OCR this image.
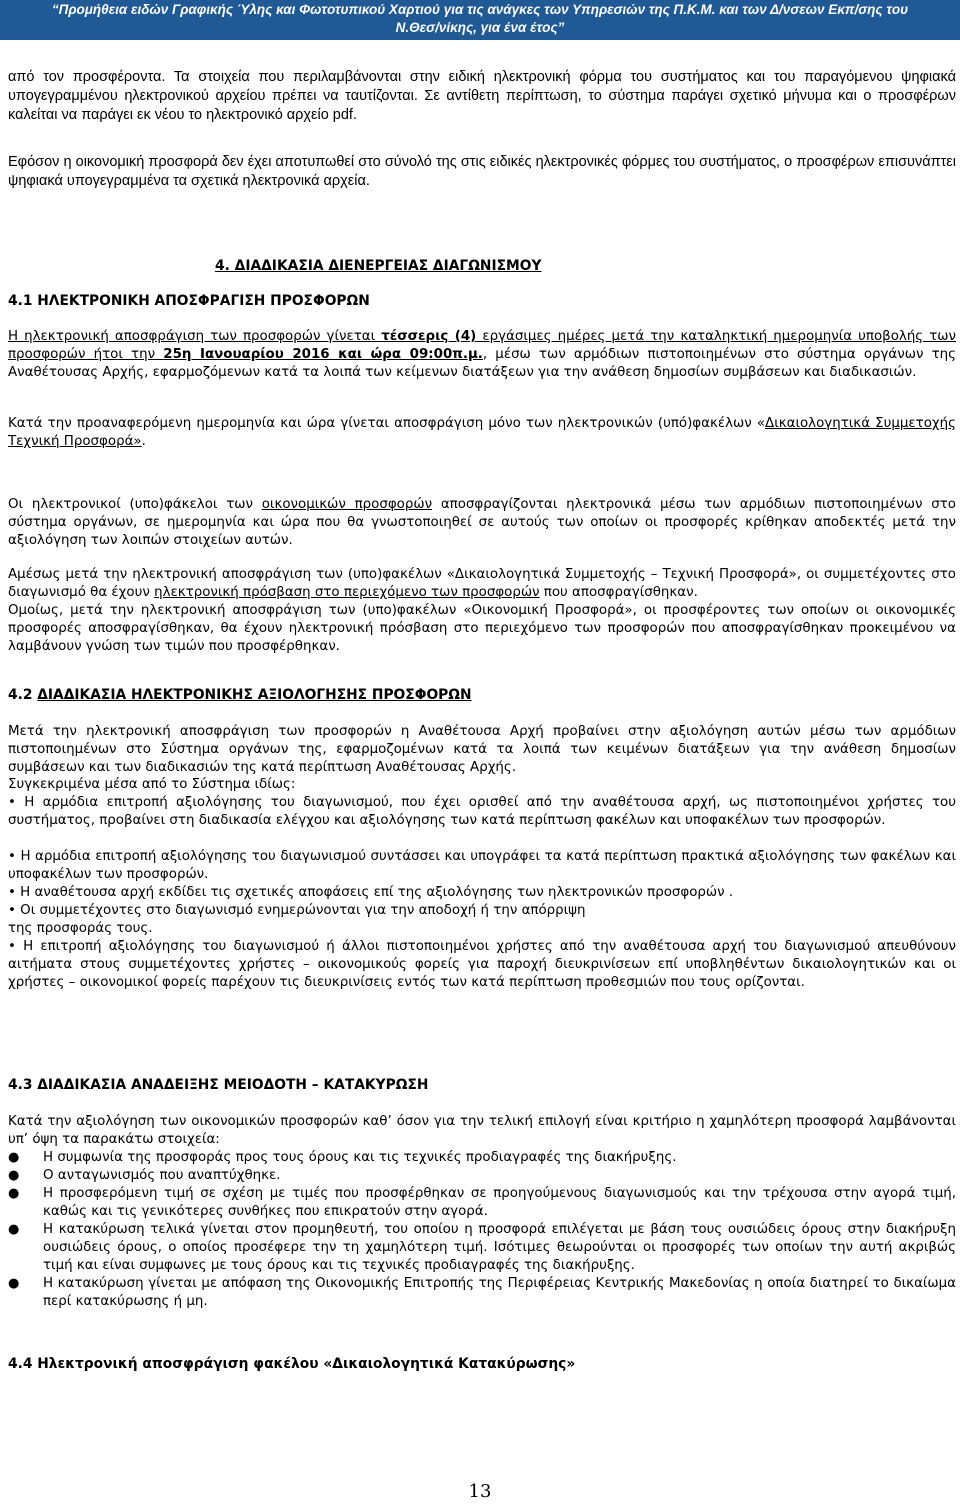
“Προμήθεια ειδών Γραφικής Ύλης και Φωτοτυπικού Χαρτιού για τις ανάγκες των Υπηρεσιών της Π.Κ.Μ. και των Δ/νσεων Εκπ/σης του
Ν.Θεσ/νίκης, για ένα έτος”

από τον προσφέροντα. Τα στοιχεία που περιλαμβάνονται στην ειδική ηλεκτρονική φόρμα του συστήματος και του παραγόμενου ψηφιακά υπογεγραμμένου ηλεκτρονικού αρχείου πρέπει να ταυτίζονται. Σε αντίθετη περίπτωση, το σύστημα παράγει σχετικό μήνυμα και ο προσφέρων καλείται να παράγει εκ νέου το ηλεκτρονικό αρχείο pdf.

Εφόσον η οικονομική προσφορά δεν έχει αποτυπωθεί στο σύνολό της στις ειδικές ηλεκτρονικές φόρμες του συστήματος, ο προσφέρων επισυνάπτει ψηφιακά υπογεγραμμένα τα σχετικά ηλεκτρονικά αρχεία.

4. ΔΙΑΔΙΚΑΣΙΑ ΔΙΕΝΕΡΓΕΙΑΣ ΔΙΑΓΩΝΙΣΜΟΥ

4.1 ΗΛΕΚΤΡΟΝΙΚΗ ΑΠΟΣΦΡΑΓΙΣΗ ΠΡΟΣΦΟΡΩΝ

Η ηλεκτρονική αποσφράγιση των προσφορών γίνεται τέσσερις (4) εργάσιμες ημέρες μετά την καταληκτική ημερομηνία υποβολής των προσφορών ήτοι την 25η Ιανουαρίου 2016 και ώρα 09:00π.μ., μέσω των αρμόδιων πιστοποιημένων στο σύστημα οργάνων της Αναθέτουσας Αρχής, εφαρμοζόμενων κατά τα λοιπά των κείμενων διατάξεων για την ανάθεση δημοσίων συμβάσεων και διαδικασιών.

Κατά την προαναφερόμενη ημερομηνία και ώρα γίνεται αποσφράγιση μόνο των ηλεκτρονικών (υπό)φακέλων «Δικαιολογητικά Συμμετοχής Τεχνική Προσφορά».

Οι ηλεκτρονικοί (υπο)φάκελοι των οικονομικών προσφορών αποσφραγίζονται ηλεκτρονικά μέσω των αρμόδιων πιστοποιημένων στο σύστημα οργάνων, σε ημερομηνία και ώρα που θα γνωστοποιηθεί σε αυτούς των οποίων οι προσφορές κρίθηκαν αποδεκτές μετά την αξιολόγηση των λοιπών στοιχείων αυτών.

Αμέσως μετά την ηλεκτρονική αποσφράγιση των (υπο)φακέλων «Δικαιολογητικά Συμμετοχής – Τεχνική Προσφορά», οι συμμετέχοντες στο διαγωνισμό θα έχουν ηλεκτρονική πρόσβαση στο περιεχόμενο των προσφορών που αποσφραγίσθηκαν.

Ομοίως, μετά την ηλεκτρονική αποσφράγιση των (υπο)φακέλων «Οικονομική Προσφορά», οι προσφέροντες των οποίων οι οικονομικές προσφορές αποσφραγίσθηκαν, θα έχουν ηλεκτρονική πρόσβαση στο περιεχόμενο των προσφορών που αποσφραγίσθηκαν προκειμένου να λαμβάνουν γνώση των τιμών που προσφέρθηκαν.

4.2 ΔΙΑΔΙΚΑΣΙΑ ΗΛΕΚΤΡΟΝΙΚΗΣ ΑΞΙΟΛΟΓΗΣΗΣ ΠΡΟΣΦΟΡΩΝ

Μετά την ηλεκτρονική αποσφράγιση των προσφορών η Αναθέτουσα Αρχή προβαίνει στην αξιολόγηση αυτών μέσω των αρμόδιων πιστοποιημένων στο Σύστημα οργάνων της, εφαρμοζομένων κατά τα λοιπά των κειμένων διατάξεων για την ανάθεση δημοσίων συμβάσεων και των διαδικασιών της κατά περίπτωση Αναθέτουσας Αρχής.

Συγκεκριμένα μέσα από το Σύστημα ιδίως:

• Η αρμόδια επιτροπή αξιολόγησης του διαγωνισμού, που έχει ορισθεί από την αναθέτουσα αρχή, ως πιστοποιημένοι χρήστες του συστήματος, προβαίνει στη διαδικασία ελέγχου και αξιολόγησης των κατά περίπτωση φακέλων και υποφακέλων των προσφορών.

• Η αρμόδια επιτροπή αξιολόγησης του διαγωνισμού συντάσσει και υπογράφει τα κατά περίπτωση πρακτικά αξιολόγησης των φακέλων και υποφακέλων των προσφορών.

• Η αναθέτουσα αρχή εκδίδει τις σχετικές αποφάσεις επί της αξιολόγησης των ηλεκτρονικών προσφορών .

• Οι συμμετέχοντες στο διαγωνισμό ενημερώνονται για την αποδοχή ή την απόρριψη

της προσφοράς τους.

• Η επιτροπή αξιολόγησης του διαγωνισμού ή άλλοι πιστοποιημένοι χρήστες από την αναθέτουσα αρχή του διαγωνισμού απευθύνουν αιτήματα στους συμμετέχοντες χρήστες – οικονομικούς φορείς για παροχή διευκρινίσεων επί υποβληθέντων δικαιολογητικών και οι χρήστες – οικονομικοί φορείς παρέχουν τις διευκρινίσεις εντός των κατά περίπτωση προθεσμιών που τους ορίζονται.

4.3 ΔΙΑΔΙΚΑΣΙΑ ΑΝΑΔΕΙΞΗΣ ΜΕΙΟΔΟΤΗ – ΚΑΤΑΚΥΡΩΣΗ

Κατά την αξιολόγηση των οικονομικών προσφορών καθ’ όσον για την τελική επιλογή είναι κριτήριο η χαμηλότερη προσφορά λαμβάνονται υπ’ όψη τα παρακάτω στοιχεία:

● Η συμφωνία της προσφοράς προς τους όρους και τις τεχνικές προδιαγραφές της διακήρυξης.
● Ο ανταγωνισμός που αναπτύχθηκε.
● Η προσφερόμενη τιμή σε σχέση με τιμές που προσφέρθηκαν σε προηγούμενους διαγωνισμούς και την τρέχουσα στην αγορά τιμή, καθώς και τις γενικότερες συνθήκες που επικρατούν στην αγορά.
● Η κατακύρωση τελικά γίνεται στον προμηθευτή, του οποίου η προσφορά επιλέγεται με βάση τους ουσιώδεις όρους στην διακήρυξη ουσιώδεις όρους, ο οποίος προσέφερε την τη χαμηλότερη τιμή. Ισότιμες θεωρούνται οι προσφορές των οποίων την αυτή ακριβώς τιμή και είναι συμφωνες με τους όρους και τις τεχνικές προδιαγραφές της διακήρυξης.
● Η κατακύρωση γίνεται με απόφαση της Οικονομικής Επιτροπής της Περιφέρειας Κεντρικής Μακεδονίας η οποία διατηρεί το δικαίωμα περί κατακύρωσης ή μη.

4.4 Ηλεκτρονική αποσφράγιση φακέλου «Δικαιολογητικά Κατακύρωσης»

13
